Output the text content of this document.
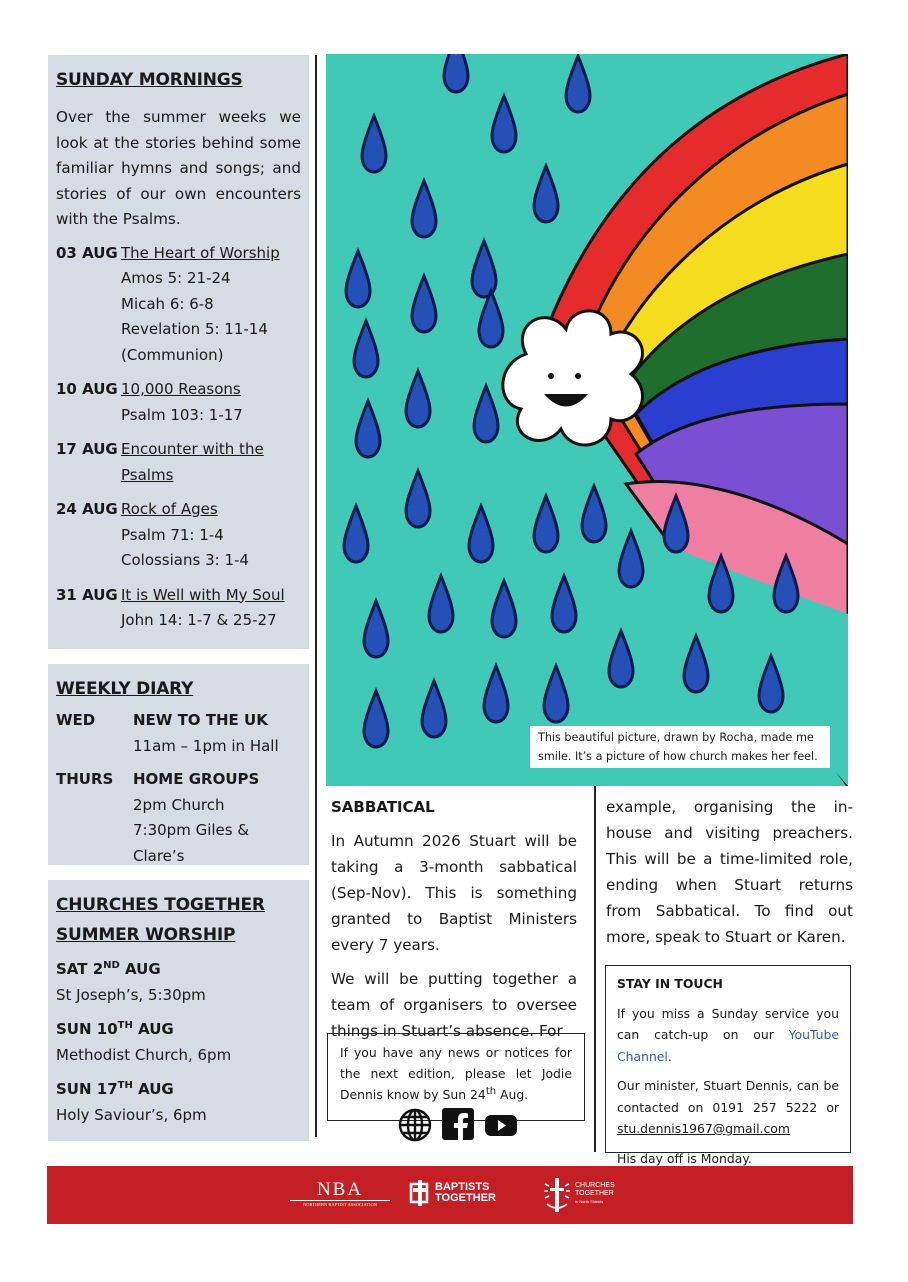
SUNDAY MORNINGS

Over the summer weeks we look at the stories behind some familiar hymns and songs; and stories of our own encounters with the Psalms.

03 AUG The Heart of Worship
Amos 5: 21-24
Micah 6: 6-8
Revelation 5: 11-14
(Communion)
10 AUG 10,000 Reasons
Psalm 103: 1-17
17 AUG Encounter with the Psalms
24 AUG Rock of Ages
Psalm 71: 1-4
Colossians 3: 1-4
31 AUG It is Well with My Soul
John 14: 1-7 & 25-27
WEEKLY DIARY
WED	NEW TO THE UK
11am – 1pm in Hall
THURS	HOME GROUPS
2pm Church
7:30pm Giles & Clare’s
CHURCHES TOGETHER
SUMMER WORSHIP
SAT 2ND AUG
St Joseph’s, 5:30pm
SUN 10TH AUG
Methodist Church, 6pm
SUN 17TH AUG
Holy Saviour’s, 6pm
This beautiful picture, drawn by Rocha, made me smile. It’s a picture of how church makes her feel.
SABBATICAL

In Autumn 2026 Stuart will be taking a 3-month sabbatical (Sep-Nov). This is something granted to Baptist Ministers every 7 years.

We will be putting together a team of organisers to oversee things in Stuart’s absence. For

example, organising the in-house and visiting preachers. This will be a time-limited role, ending when Stuart returns from Sabbatical. To find out more, speak to Stuart or Karen.

If you have any news or notices for the next edition, please let Jodie Dennis know by Sun 24th Aug.
STAY IN TOUCH

If you miss a Sunday service you can catch-up on our YouTube Channel.

Our minister, Stuart Dennis, can be contacted on 0191 257 5222 or stu.dennis1967@gmail.com

His day off is Monday.

NBA
NORTHERN BAPTIST ASSOCIATION
BAPTISTS
TOGETHER
CHURCHES
TOGETHER
in North Shields
